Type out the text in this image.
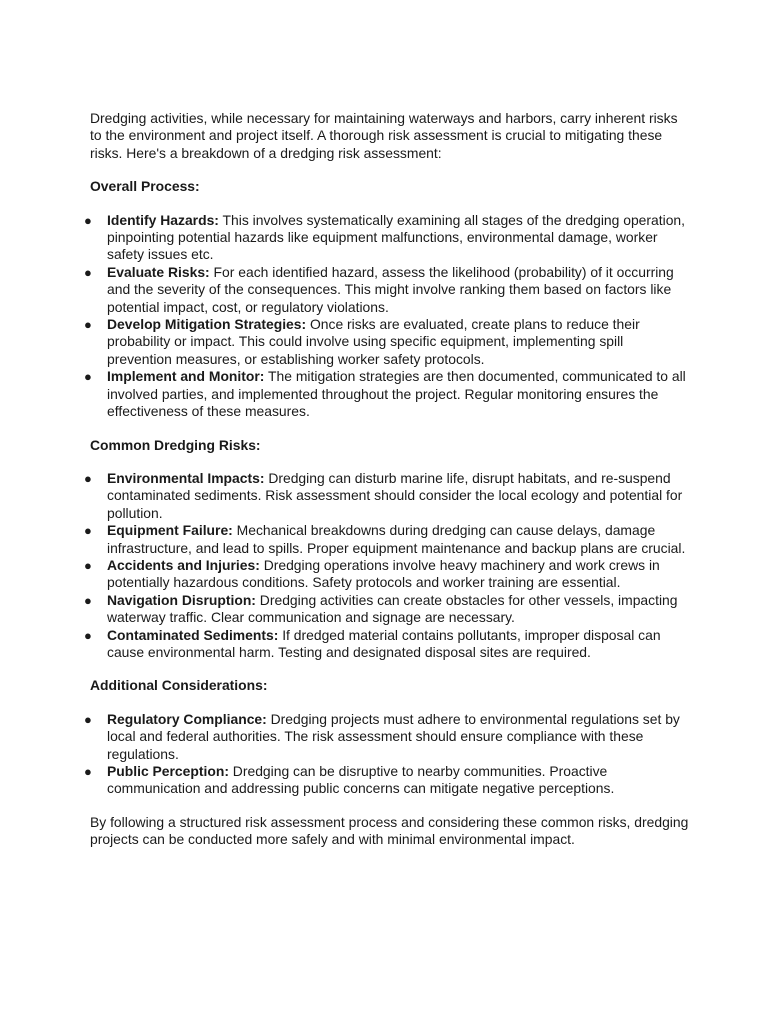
Dredging activities, while necessary for maintaining waterways and harbors, carry inherent risks to the environment and project itself. A thorough risk assessment is crucial to mitigating these risks. Here's a breakdown of a dredging risk assessment:

Overall Process:

● Identify Hazards: This involves systematically examining all stages of the dredging operation, pinpointing potential hazards like equipment malfunctions, environmental damage, worker safety issues etc.
● Evaluate Risks: For each identified hazard, assess the likelihood (probability) of it occurring and the severity of the consequences. This might involve ranking them based on factors like potential impact, cost, or regulatory violations.
● Develop Mitigation Strategies: Once risks are evaluated, create plans to reduce their probability or impact. This could involve using specific equipment, implementing spill prevention measures, or establishing worker safety protocols.
● Implement and Monitor: The mitigation strategies are then documented, communicated to all involved parties, and implemented throughout the project. Regular monitoring ensures the effectiveness of these measures.

Common Dredging Risks:

● Environmental Impacts: Dredging can disturb marine life, disrupt habitats, and re-suspend contaminated sediments. Risk assessment should consider the local ecology and potential for pollution.
● Equipment Failure: Mechanical breakdowns during dredging can cause delays, damage infrastructure, and lead to spills. Proper equipment maintenance and backup plans are crucial.
● Accidents and Injuries: Dredging operations involve heavy machinery and work crews in potentially hazardous conditions. Safety protocols and worker training are essential.
● Navigation Disruption: Dredging activities can create obstacles for other vessels, impacting waterway traffic. Clear communication and signage are necessary.
● Contaminated Sediments: If dredged material contains pollutants, improper disposal can cause environmental harm. Testing and designated disposal sites are required.

Additional Considerations:

● Regulatory Compliance: Dredging projects must adhere to environmental regulations set by local and federal authorities. The risk assessment should ensure compliance with these regulations.
● Public Perception: Dredging can be disruptive to nearby communities. Proactive communication and addressing public concerns can mitigate negative perceptions.

By following a structured risk assessment process and considering these common risks, dredging projects can be conducted more safely and with minimal environmental impact.
